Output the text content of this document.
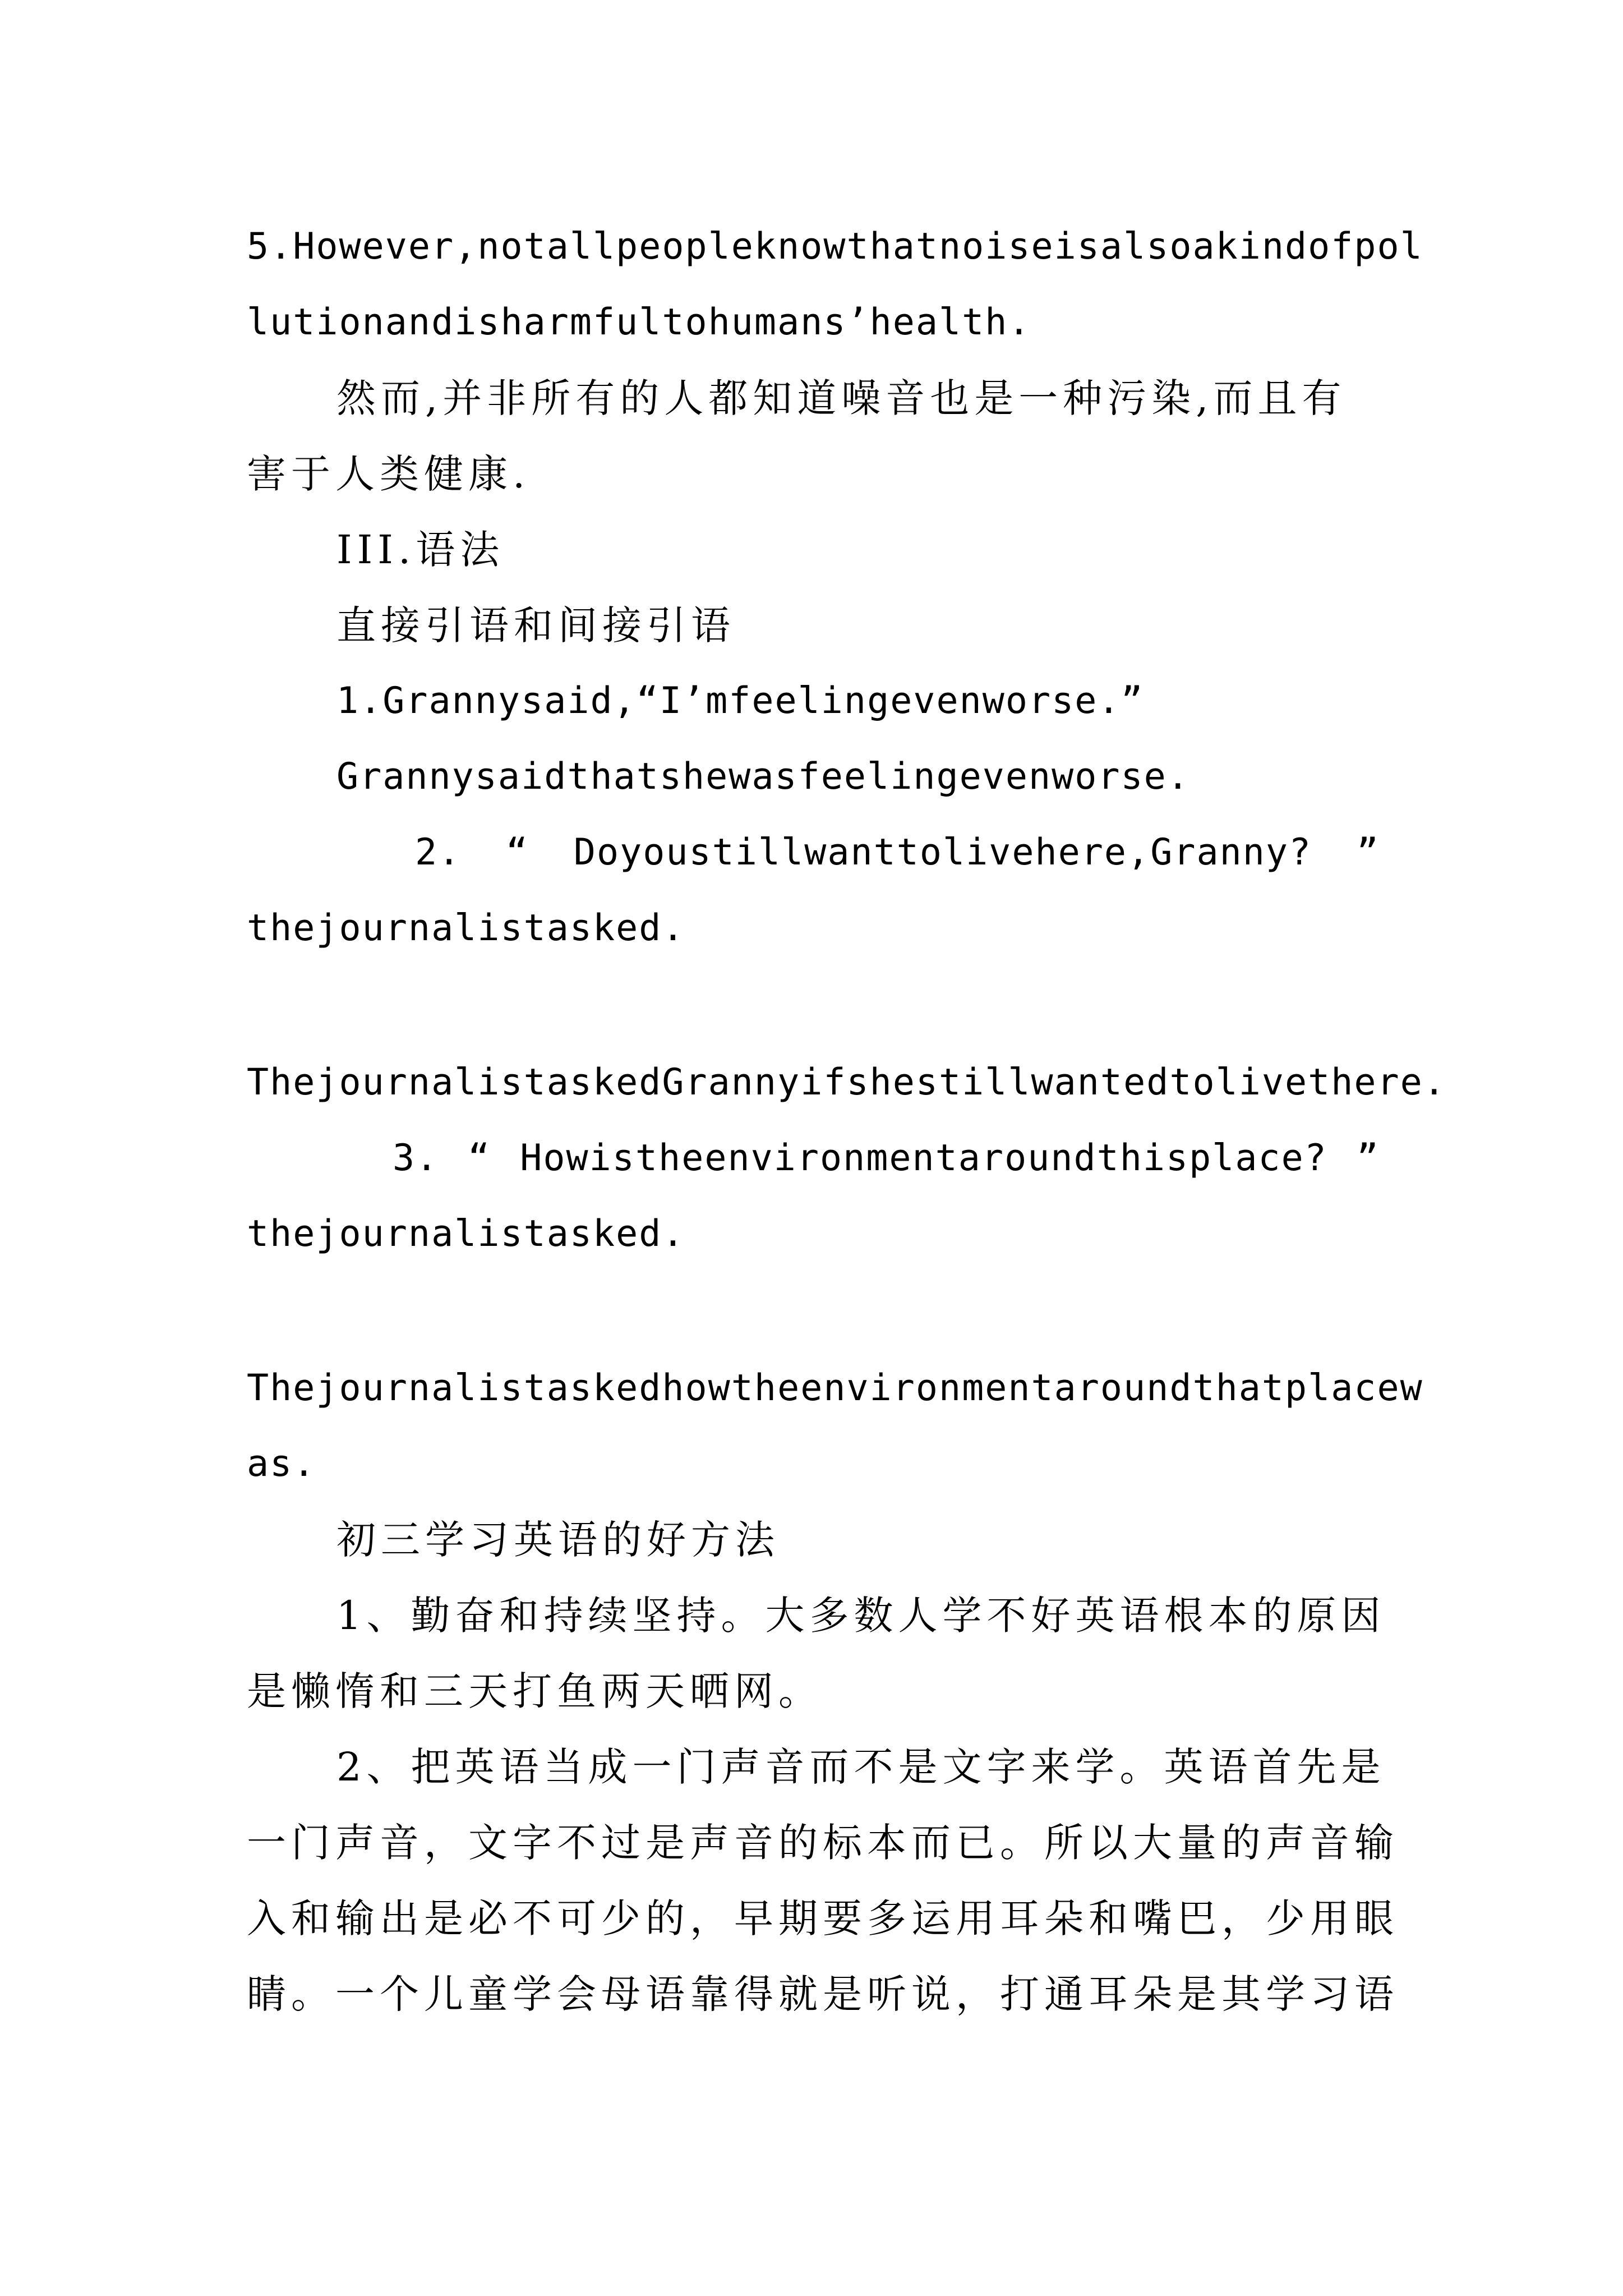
5.However,notallpeopleknowthatnoiseisalsoakindofpol
lutionandisharmfultohumans’health.
然而,并非所有的人都知道噪音也是一种污染,而且有
害于人类健康.
III.语法
直接引语和间接引语
1.Grannysaid,“I’mfeelingevenworse.”
Grannysaidthatshewasfeelingevenworse.
2. “ Doyoustillwanttolivehere,Granny? ”
thejournalistasked.
ThejournalistaskedGrannyifshestillwantedtolivethere.
3. “ Howistheenvironmentaroundthisplace? ”
thejournalistasked.
Thejournalistaskedhowtheenvironmentaroundthatplacew
as.
初三学习英语的好方法
1、勤奋和持续坚持。大多数人学不好英语根本的原因
是懒惰和三天打鱼两天晒网。
2、把英语当成一门声音而不是文字来学。英语首先是
一门声音，文字不过是声音的标本而已。所以大量的声音输
入和输出是必不可少的，早期要多运用耳朵和嘴巴，少用眼
睛。一个儿童学会母语靠得就是听说，打通耳朵是其学习语
